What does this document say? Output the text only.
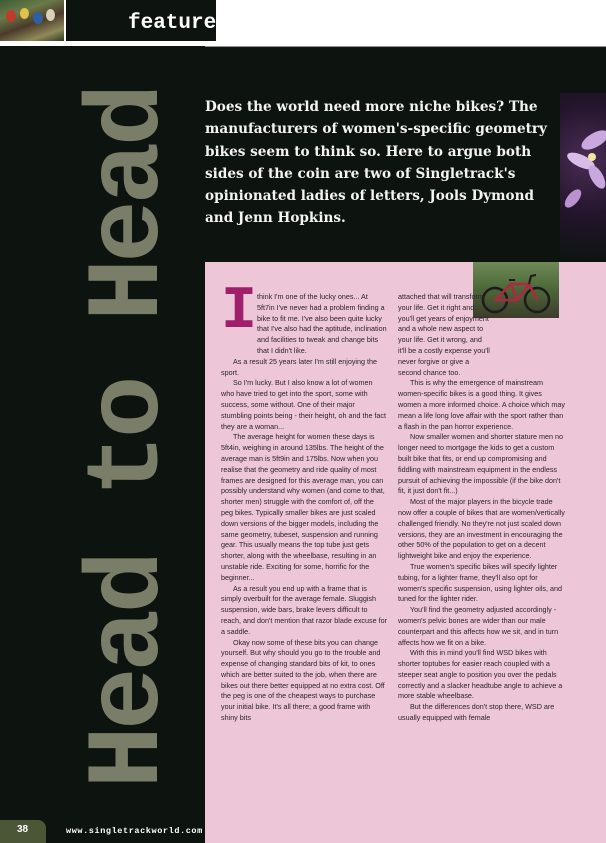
feature HEAD TO HEAD
Head to Head Does the world need more niche bikes? The manufacturers of women's-specific geometry bikes seem to think so. Here to argue both sides of the coin are two of Singletrack's opinionated ladies of letters, Jools Dymond and Jenn Hopkins.
I think I'm one of the lucky ones... At 5ft7in I've never had a problem finding a bike to fit me. I've also been quite lucky that I've also had the aptitude, inclination and facilities to tweak and change bits that I didn't like.

As a result 25 years later I'm still enjoying the sport.

So I'm lucky. But I also know a lot of women who have tried to get into the sport, some with success, some without. One of their major stumbling points being - their height, oh and the fact they are a woman...

The average height for women these days is 5ft4in, weighing in around 135lbs. The height of the average man is 5ft9in and 175lbs. Now when you realise that the geometry and ride quality of most frames are designed for this average man, you can possibly understand why women (and come to that, shorter men) struggle with the comfort of, off the peg bikes. Typically smaller bikes are just scaled down versions of the bigger models, including the same geometry, tubeset, suspension and running gear. This usually means the top tube just gets shorter, along with the wheelbase, resulting in an unstable ride. Exciting for some, horrific for the beginner...

As a result you end up with a frame that is simply overbuilt for the average female. Sluggish suspension, wide bars, brake levers difficult to reach, and don't mention that razor blade excuse for a saddle.

Okay now some of these bits you can change yourself. But why should you go to the trouble and expense of changing standard bits of kit, to ones which are better suited to the job, when there are bikes out there better equipped at no extra cost. Off the peg is one of the cheapest ways to purchase your initial bike. It's all there; a good frame with shiny bits

attached that will transform your life. Get it right and you'll get years of enjoyment and a whole new aspect to your life. Get it wrong, and it'll be a costly expense you'll never forgive or give a second chance too.

This is why the emergence of mainstream women-specific bikes is a good thing. It gives women a more informed choice. A choice which may mean a life long love affair with the sport rather than a flash in the pan horror experience.

Now smaller women and shorter stature men no longer need to mortgage the kids to get a custom built bike that fits, or end up compromising and fiddling with mainstream equipment in the endless pursuit of achieving the impossible (if the bike don't fit, it just don't fit...)

Most of the major players in the bicycle trade now offer a couple of bikes that are women/vertically challenged friendly. No they're not just scaled down versions, they are an investment in encouraging the other 50% of the population to get on a decent lightweight bike and enjoy the experience.

True women's specific bikes will specify lighter tubing, for a lighter frame, they'll also opt for women's specific suspension, using lighter oils, and tuned for the lighter rider.

You'll find the geometry adjusted accordingly - women's pelvic bones are wider than our male counterpart and this affects how we sit, and in turn affects how we fit on a bike.

With this in mind you'll find WSD bikes with shorter toptubes for easier reach coupled with a steeper seat angle to position you over the pedals correctly and a slacker headtube angle to achieve a more stable wheelbase.

But the differences don't stop there, WSD are usually equipped with female

38	www.singletrackworld.com
